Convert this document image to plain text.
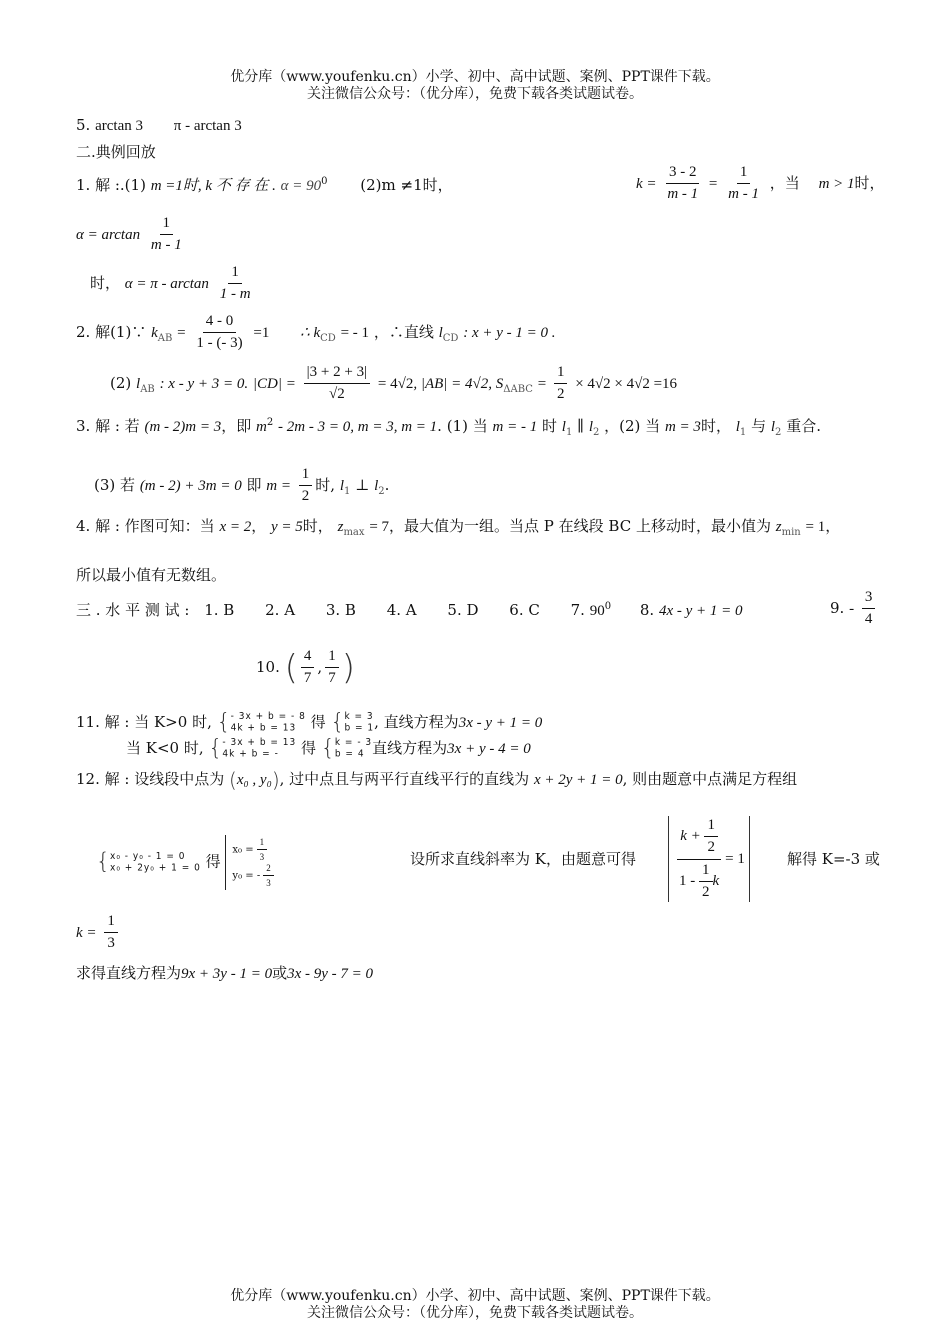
优分库（www.youfenku.cn）小学、初中、高中试题、案例、PPT课件下载。
关注微信公众号：（优分库），免费下载各类试题试卷。
5. arctan 3 π - arctan 3
二.典例回放
1. 解 :.(1) m =1时, k 不 存 在 . $\alpha = 90^0$ (2)m ≠1时，	$k = \frac{3 - 2}{m - 1} = \frac{1}{m - 1}$ ，当 m > 1时，
$\alpha = \arctan \frac{1}{m - 1}$
时， $\alpha = \pi - \arctan \frac{1}{1 - m}$
2. 解(1)∵ $k_{AB} = \frac{4 - 0}{1 - (- 3)} =1$ ∴ $k_{CD}$ = - 1 ，∴直线 $l_{CD}$ : x + y - 1 = 0 .
(2) $l_{AB}$ : x - y + 3 = 0. $|CD| = \frac{|3 + 2 + 3|}{√2} = 4√2$, |AB| = 4√2, $S_{\Delta ABC} = \frac{1}{2} \times 4√2 \times 4√2 =16$
3. 解 : 若 (m - 2)m = 3，即 $m^2 - 2m - 3 = 0$, m = 3, m = 1. (1) 当 m = - 1 时 $l_1$ ∥ $l_2$ ，(2) 当 m = 3时， $l_1$ 与 $l_2$ 重合.
(3) 若 (m - 2) + 3m = 0 即 $m = \frac{1}{2}$ 时, $l_1$ ⊥ $l_2$.
4. 解 : 作图可知：当 x = 2， y = 5时， $z_{max} = 7$，最大值为一组。当点 P 在线段 BC 上移动时，最小值为 $z_{min} = 1$，
所以最小值有无数组。
三 . 水 平 测 试 : 1. B 2. A 3. B 4. A 5. D 6. C 7. $90^0$ 8. 4x - y + 1 = 0	9. - $\frac{3}{4}$
10. ( $\frac{4}{7}$ , $\frac{1}{7}$ )
11. 解 : 当 K>0 时, { - 3x + b = - 8
4k + b = 13 得 { k = 3
b = 1 , 直线方程为3x - y + 1 = 0
当 K<0 时, { - 3x + b = 13
4k + b = -	得 { k = - 3
b = 4 直线方程为3x + y - 4 = 0
12. 解 : 设线段中点为 (x₀ , y₀), 过中点且与两平行直线平行的直线为 x + 2y + 1 = 0, 则由题意中点满足方程组
{ x₀ - y₀ - 1 = 0
x₀ + 2y₀ + 1 = 0 得 $x_0 = \frac{1}{3}$

y₀ = - $\frac{2}{3}$
设所求直线斜率为 K，由题意可得	$\frac{k + \frac{1}{2}}{1 - \frac{1}{2} k} = 1$	解得 K=-3 或
$k = \frac{1}{3}$
求得直线方程为9x + 3y - 1 = 0或3x - 9y - 7 = 0
优分库（www.youfenku.cn）小学、初中、高中试题、案例、PPT课件下载。
关注微信公众号：（优分库），免费下载各类试题试卷。
